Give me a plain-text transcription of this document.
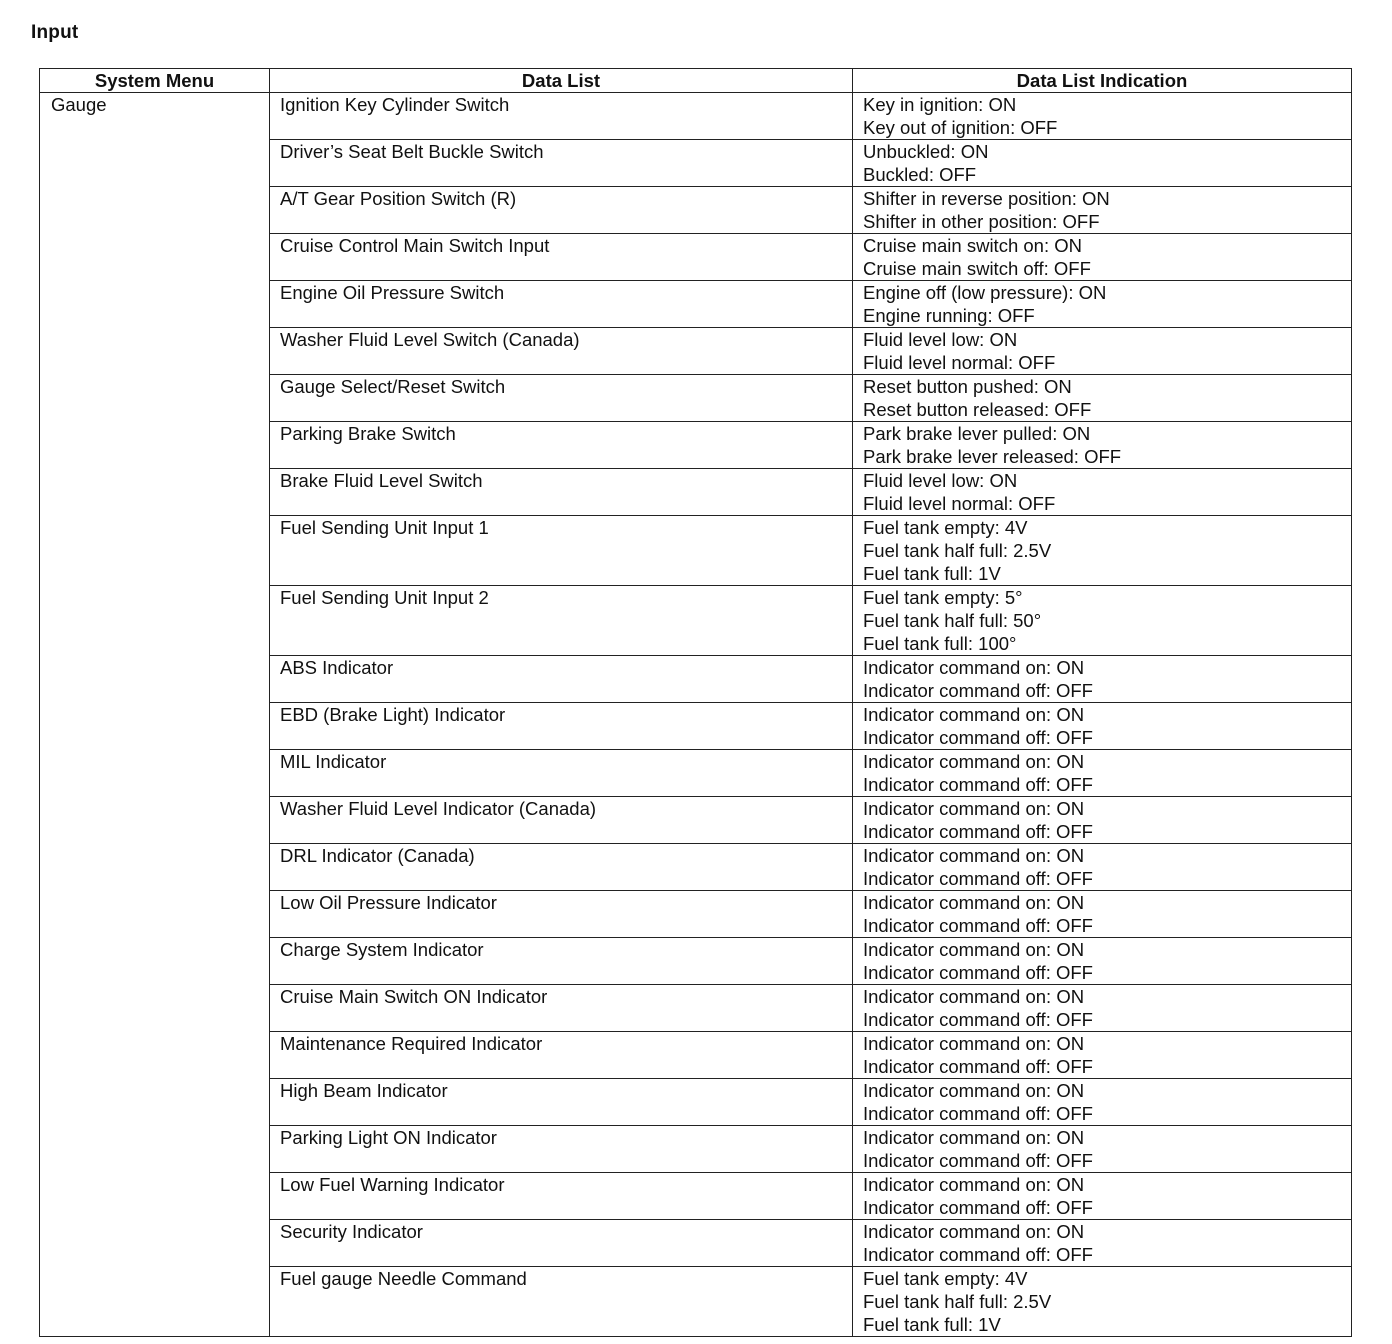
Input
System Menu	Data List	Data List Indication
Gauge	Ignition Key Cylinder Switch	Key in ignition: ON
Key out of ignition: OFF

	Driver’s Seat Belt Buckle Switch	Unbuckled: ON
Buckled: OFF

	A/T Gear Position Switch (R)	Shifter in reverse position: ON
Shifter in other position: OFF

	Cruise Control Main Switch Input	Cruise main switch on: ON
Cruise main switch off: OFF

	Engine Oil Pressure Switch	Engine off (low pressure): ON
Engine running: OFF

	Washer Fluid Level Switch (Canada)	Fluid level low: ON
Fluid level normal: OFF

	Gauge Select/Reset Switch	Reset button pushed: ON
Reset button released: OFF

	Parking Brake Switch	Park brake lever pulled: ON
Park brake lever released: OFF

	Brake Fluid Level Switch	Fluid level low: ON
Fluid level normal: OFF

	Fuel Sending Unit Input 1	Fuel tank empty: 4V
Fuel tank half full: 2.5V
Fuel tank full: 1V

	Fuel Sending Unit Input 2	Fuel tank empty: 5°
Fuel tank half full: 50°
Fuel tank full: 100°

	ABS Indicator	Indicator command on: ON
Indicator command off: OFF

	EBD (Brake Light) Indicator	Indicator command on: ON
Indicator command off: OFF

	MIL Indicator	Indicator command on: ON
Indicator command off: OFF

	Washer Fluid Level Indicator (Canada)	Indicator command on: ON
Indicator command off: OFF

	DRL Indicator (Canada)	Indicator command on: ON
Indicator command off: OFF

	Low Oil Pressure Indicator	Indicator command on: ON
Indicator command off: OFF

	Charge System Indicator	Indicator command on: ON
Indicator command off: OFF

	Cruise Main Switch ON Indicator	Indicator command on: ON
Indicator command off: OFF

	Maintenance Required Indicator	Indicator command on: ON
Indicator command off: OFF

	High Beam Indicator	Indicator command on: ON
Indicator command off: OFF

	Parking Light ON Indicator	Indicator command on: ON
Indicator command off: OFF

	Low Fuel Warning Indicator	Indicator command on: ON
Indicator command off: OFF

	Security Indicator	Indicator command on: ON
Indicator command off: OFF

	Fuel gauge Needle Command	Fuel tank empty: 4V
Fuel tank half full: 2.5V
Fuel tank full: 1V
